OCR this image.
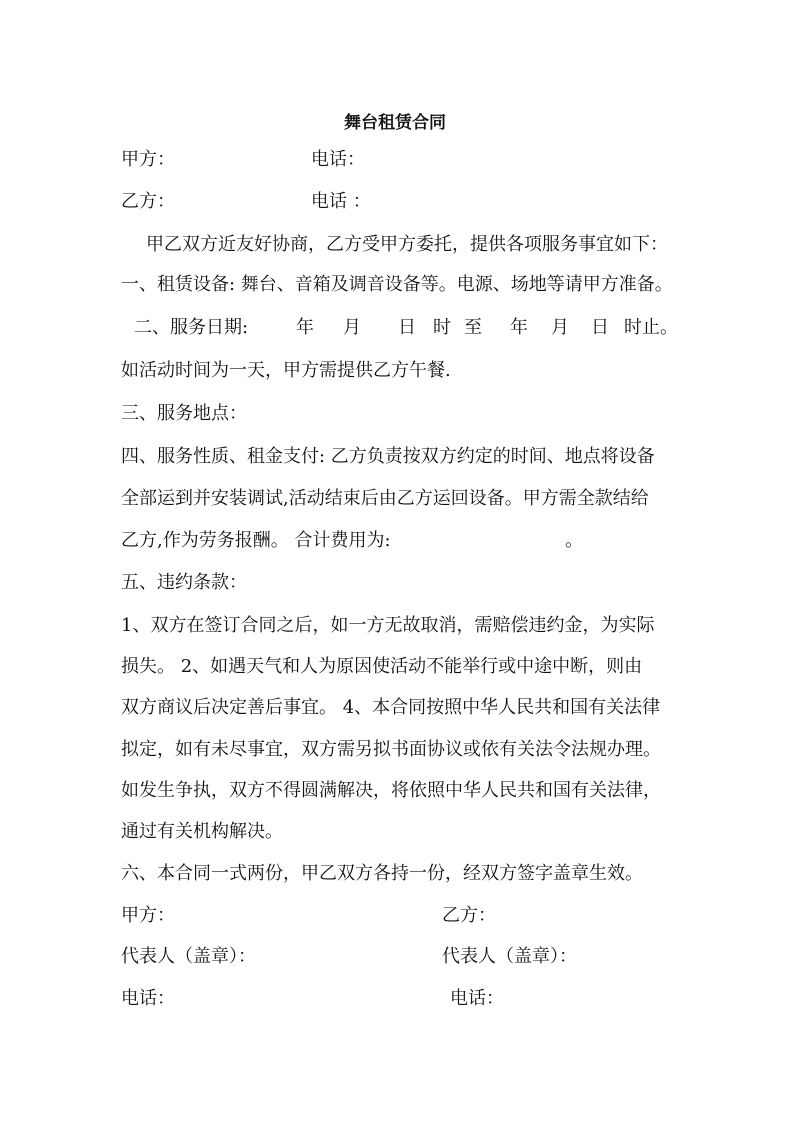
舞台租赁合同
甲方：	电话：
乙方：	电话 ：
甲乙双方近友好协商，乙方受甲方委托，提供各项服务事宜如下：
一、租赁设备: 舞台、音箱及调音设备等。电源、场地等请甲方准备。
二、服务日期:	年 月 日 时 至 年 月 日 时止。
如活动时间为一天，甲方需提供乙方午餐.
三、服务地点：
四、服务性质、租金支付: 乙方负责按双方约定的时间、地点将设备
全部运到并安装调试,活动结束后由乙方运回设备。甲方需全款结给
乙方,作为劳务报酬。 合计费用为:	。
五、违约条款：
1、双方在签订合同之后，如一方无故取消，需赔偿违约金，为实际
损失。 2、如遇天气和人为原因使活动不能举行或中途中断，则由
双方商议后决定善后事宜。 4、本合同按照中华人民共和国有关法律
拟定，如有未尽事宜，双方需另拟书面协议或依有关法令法规办理。
如发生争执，双方不得圆满解决，将依照中华人民共和国有关法律，
通过有关机构解决。
六、本合同一式两份，甲乙双方各持一份，经双方签字盖章生效。
甲方：	乙方：
代表人（盖章）：	代表人（盖章）：
电话：	电话：
